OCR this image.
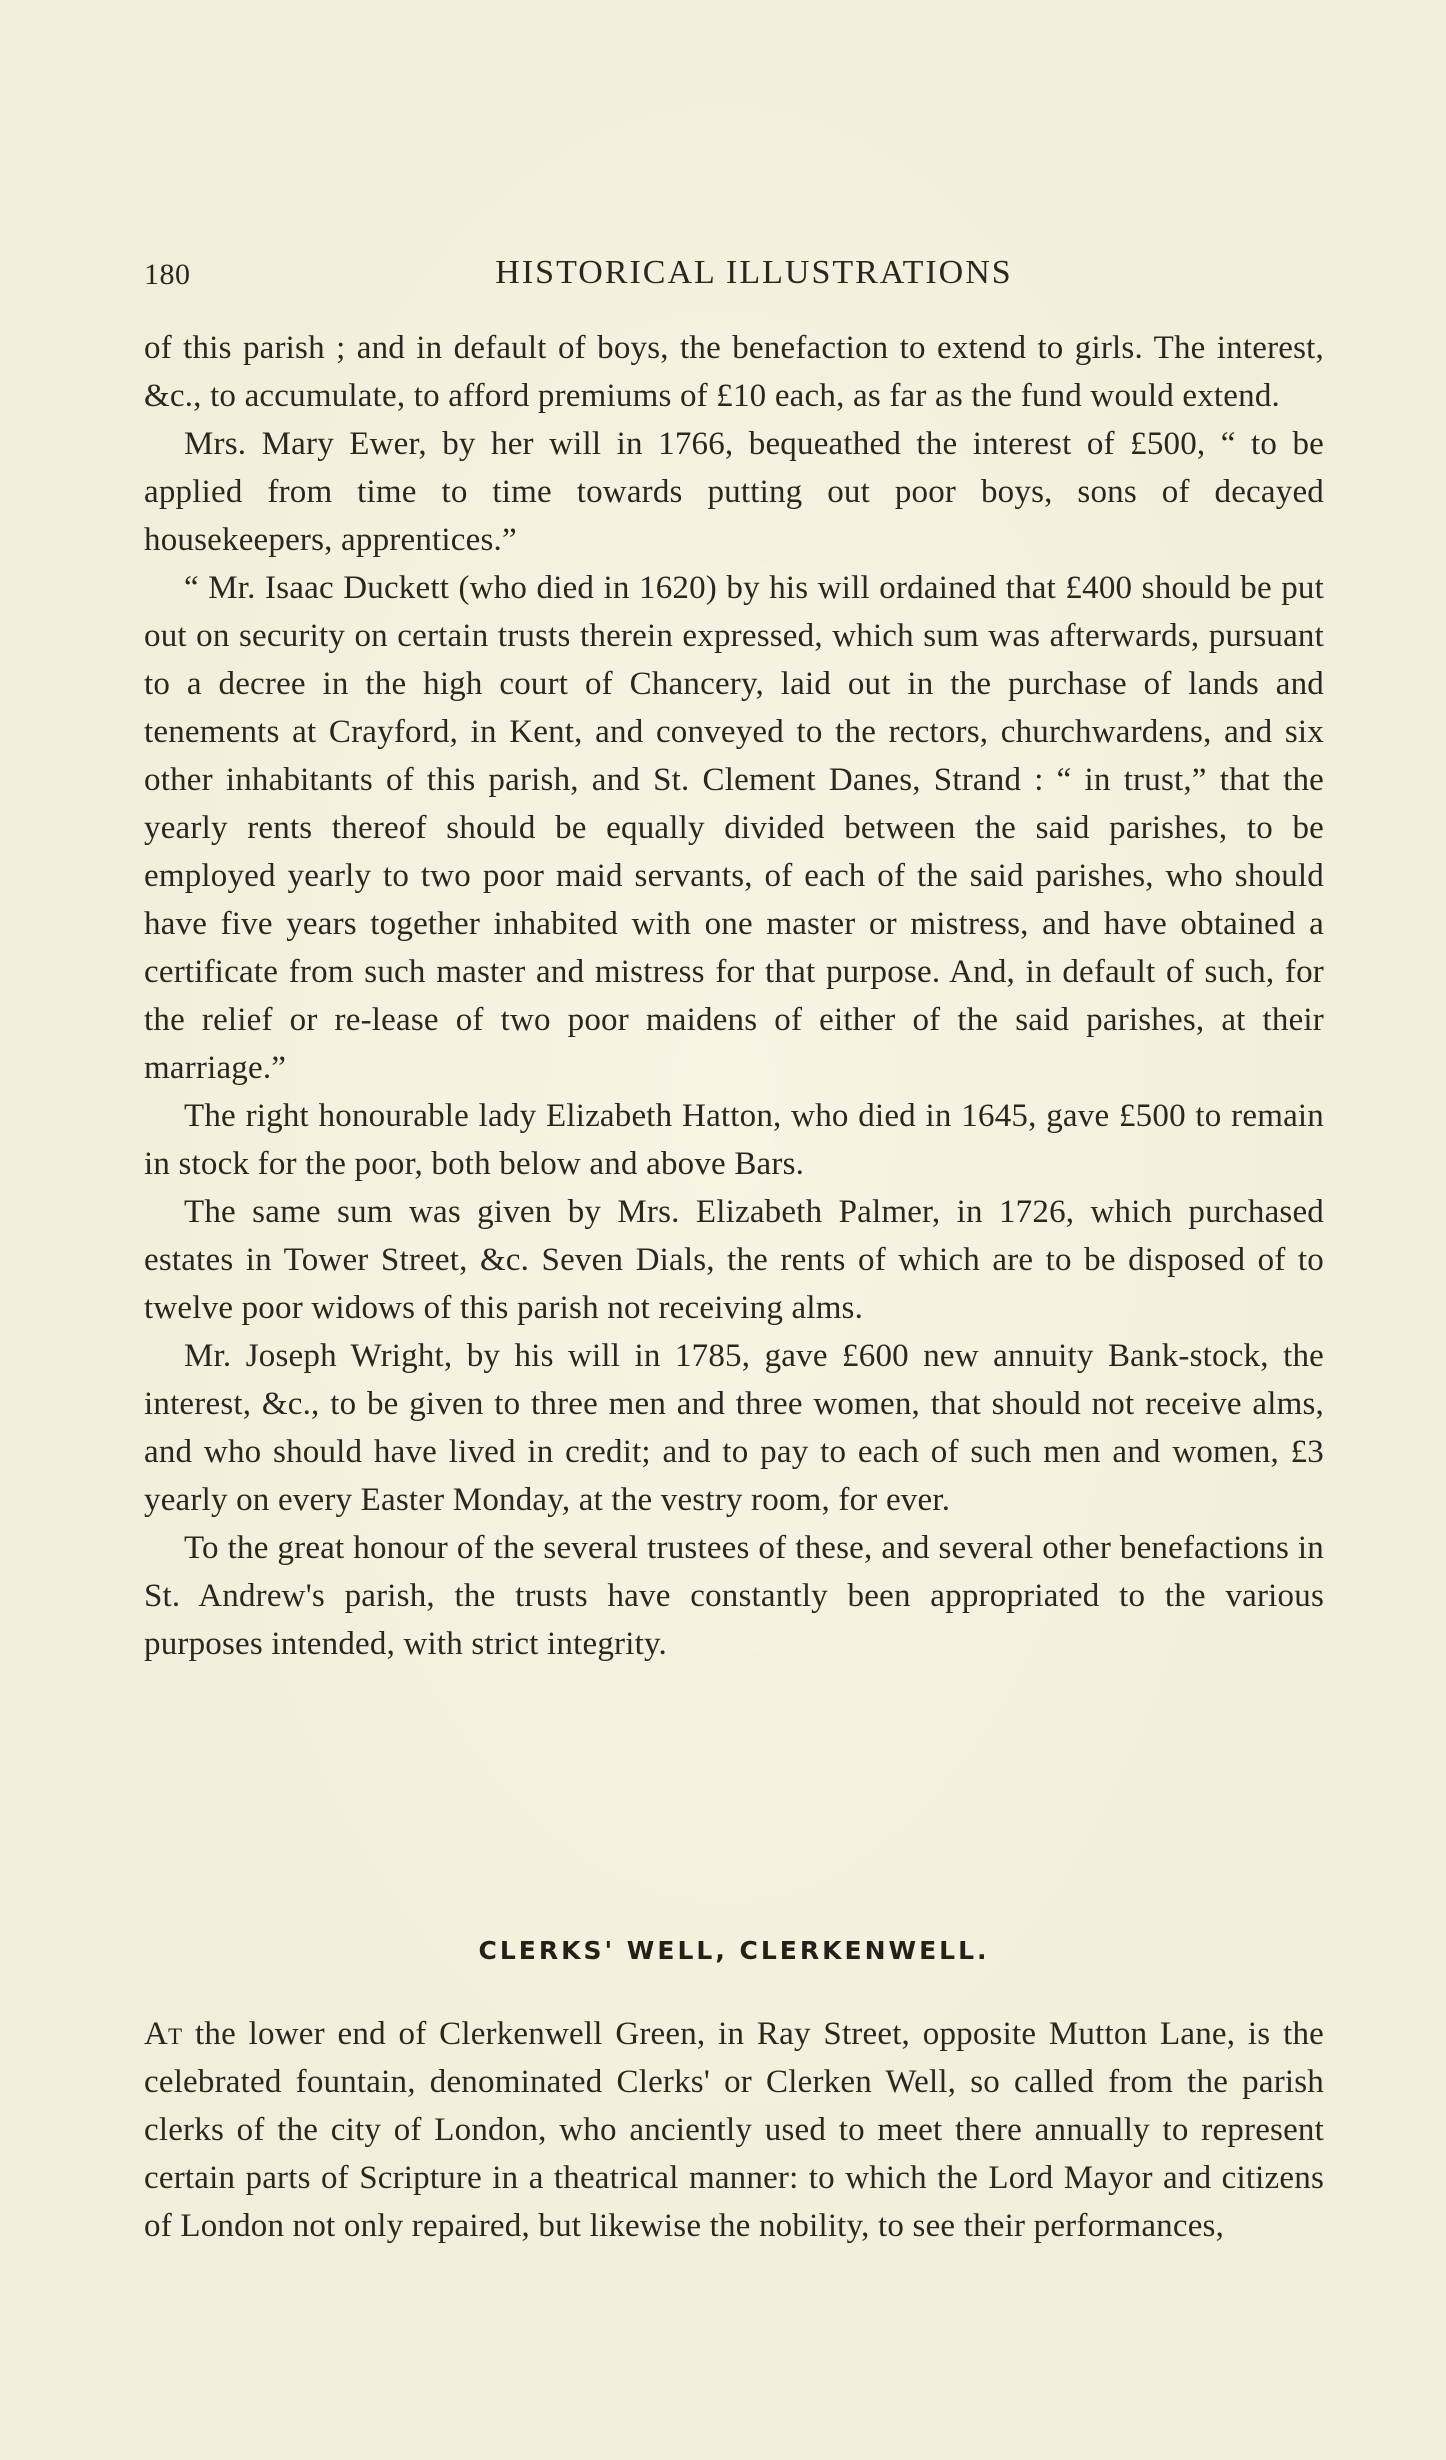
180	HISTORICAL ILLUSTRATIONS

of this parish ; and in default of boys, the benefaction to extend to girls. The interest, &c., to accumulate, to afford premiums of £10 each, as far as the fund would extend.

Mrs. Mary Ewer, by her will in 1766, bequeathed the interest of £500, “ to be applied from time to time towards putting out poor boys, sons of decayed housekeepers, apprentices.”

“ Mr. Isaac Duckett (who died in 1620) by his will ordained that £400 should be put out on security on certain trusts therein expressed, which sum was afterwards, pursuant to a decree in the high court of Chancery, laid out in the purchase of lands and tenements at Crayford, in Kent, and conveyed to the rectors, churchwardens, and six other inhabitants of this parish, and St. Clement Danes, Strand : “ in trust,” that the yearly rents thereof should be equally divided between the said parishes, to be employed yearly to two poor maid servants, of each of the said parishes, who should have five years together inhabited with one master or mistress, and have obtained a certificate from such master and mistress for that purpose. And, in default of such, for the relief or re-lease of two poor maidens of either of the said parishes, at their marriage.”

The right honourable lady Elizabeth Hatton, who died in 1645, gave £500 to remain in stock for the poor, both below and above Bars.

The same sum was given by Mrs. Elizabeth Palmer, in 1726, which purchased estates in Tower Street, &c. Seven Dials, the rents of which are to be disposed of to twelve poor widows of this parish not receiving alms.

Mr. Joseph Wright, by his will in 1785, gave £600 new annuity Bank-stock, the interest, &c., to be given to three men and three women, that should not receive alms, and who should have lived in credit; and to pay to each of such men and women, £3 yearly on every Easter Monday, at the vestry room, for ever.

To the great honour of the several trustees of these, and several other benefactions in St. Andrew's parish, the trusts have constantly been appropriated to the various purposes intended, with strict integrity.

CLERKS' WELL, CLERKENWELL.

At the lower end of Clerkenwell Green, in Ray Street, opposite Mutton Lane, is the celebrated fountain, denominated Clerks' or Clerken Well, so called from the parish clerks of the city of London, who anciently used to meet there annually to represent certain parts of Scripture in a theatrical manner: to which the Lord Mayor and citizens of London not only repaired, but likewise the nobility, to see their performances,
